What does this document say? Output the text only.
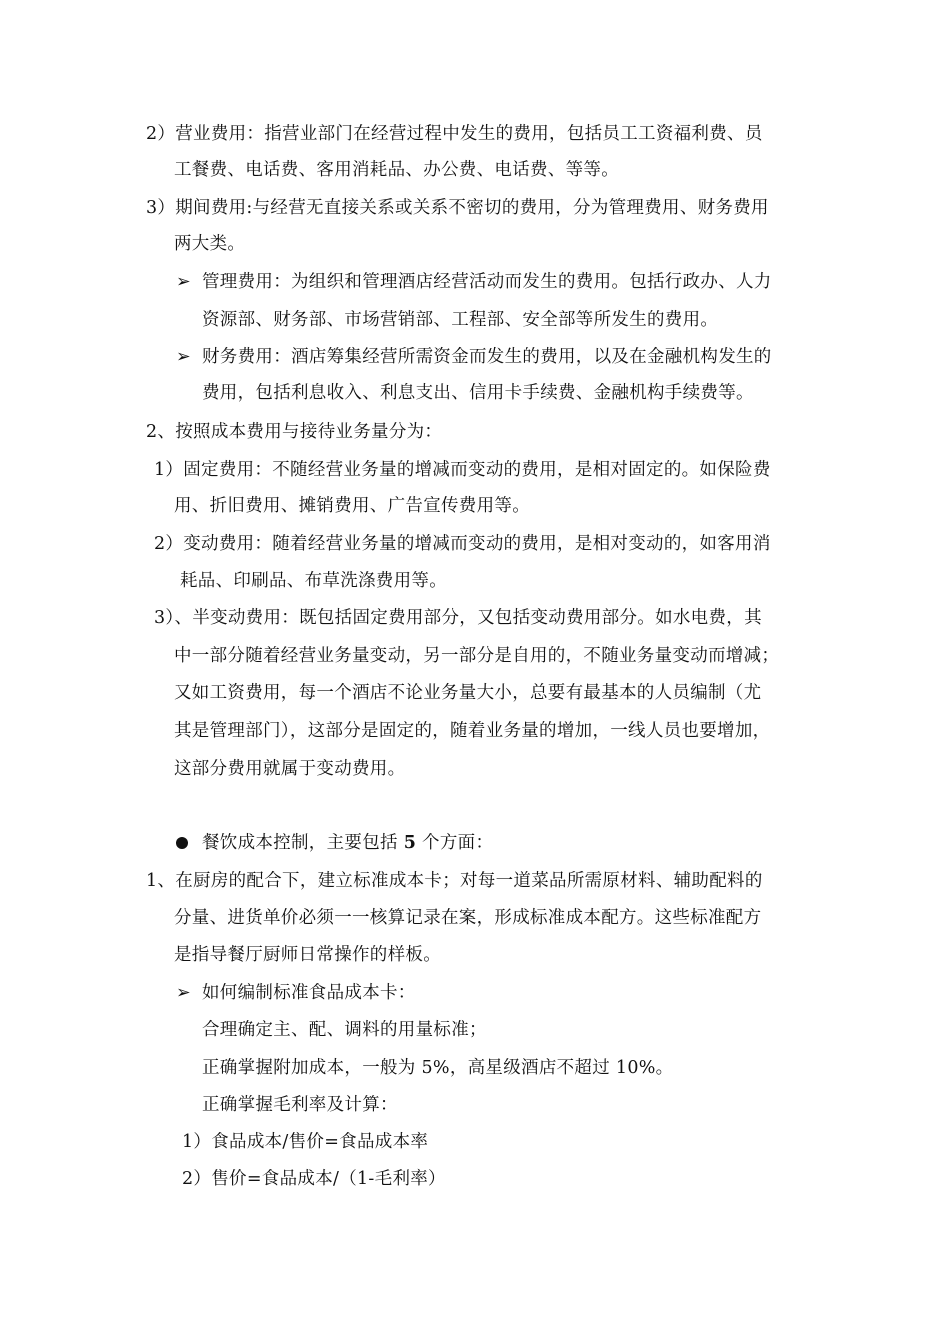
2）营业费用：指营业部门在经营过程中发生的费用，包括员工工资福利费、员
工餐费、电话费、客用消耗品、办公费、电话费、等等。
3）期间费用:与经营无直接关系或关系不密切的费用，分为管理费用、财务费用
两大类。
➢ 管理费用：为组织和管理酒店经营活动而发生的费用。包括行政办、人力
资源部、财务部、市场营销部、工程部、安全部等所发生的费用。
➢ 财务费用：酒店筹集经营所需资金而发生的费用，以及在金融机构发生的
费用，包括利息收入、利息支出、信用卡手续费、金融机构手续费等。
2、按照成本费用与接待业务量分为：
1）固定费用：不随经营业务量的增减而变动的费用，是相对固定的。如保险费
用、折旧费用、摊销费用、广告宣传费用等。
2）变动费用：随着经营业务量的增减而变动的费用，是相对变动的，如客用消
耗品、印刷品、布草洗涤费用等。
3）、半变动费用：既包括固定费用部分，又包括变动费用部分。如水电费，其
中一部分随着经营业务量变动，另一部分是自用的，不随业务量变动而增减；
又如工资费用，每一个酒店不论业务量大小，总要有最基本的人员编制（尤
其是管理部门），这部分是固定的，随着业务量的增加，一线人员也要增加，
这部分费用就属于变动费用。
餐饮成本控制，主要包括 5 个方面：
1、在厨房的配合下，建立标准成本卡；对每一道菜品所需原材料、辅助配料的
分量、进货单价必须一一核算记录在案，形成标准成本配方。这些标准配方
是指导餐厅厨师日常操作的样板。
➢ 如何编制标准食品成本卡：
合理确定主、配、调料的用量标准；
正确掌握附加成本，一般为 5%，高星级酒店不超过 10%。
正确掌握毛利率及计算：
1）食品成本/售价=食品成本率
2）售价=食品成本/（1-毛利率）
